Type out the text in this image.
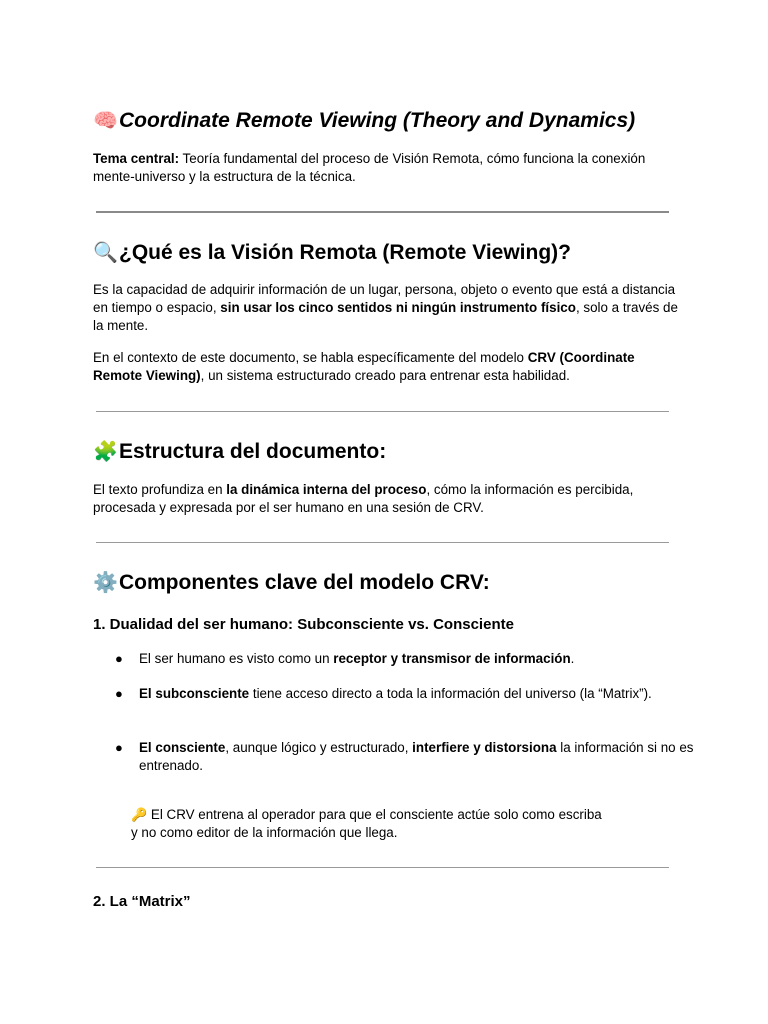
🧠Coordinate Remote Viewing (Theory and Dynamics)
Tema central: Teoría fundamental del proceso de Visión Remota, cómo funciona la conexión mente-universo y la estructura de la técnica.
🔍¿Qué es la Visión Remota (Remote Viewing)?
Es la capacidad de adquirir información de un lugar, persona, objeto o evento que está a distancia en tiempo o espacio, sin usar los cinco sentidos ni ningún instrumento físico, solo a través de la mente.
En el contexto de este documento, se habla específicamente del modelo CRV (Coordinate Remote Viewing), un sistema estructurado creado para entrenar esta habilidad.
🧩Estructura del documento:
El texto profundiza en la dinámica interna del proceso, cómo la información es percibida, procesada y expresada por el ser humano en una sesión de CRV.
⚙️Componentes clave del modelo CRV:
1. Dualidad del ser humano: Subconsciente vs. Consciente
● El ser humano es visto como un receptor y transmisor de información.
● El subconsciente tiene acceso directo a toda la información del universo (la “Matrix”).
● El consciente, aunque lógico y estructurado, interfiere y distorsiona la información si no es entrenado.
🔑 El CRV entrena al operador para que el consciente actúe solo como escriba
y no como editor de la información que llega.
2. La “Matrix”
